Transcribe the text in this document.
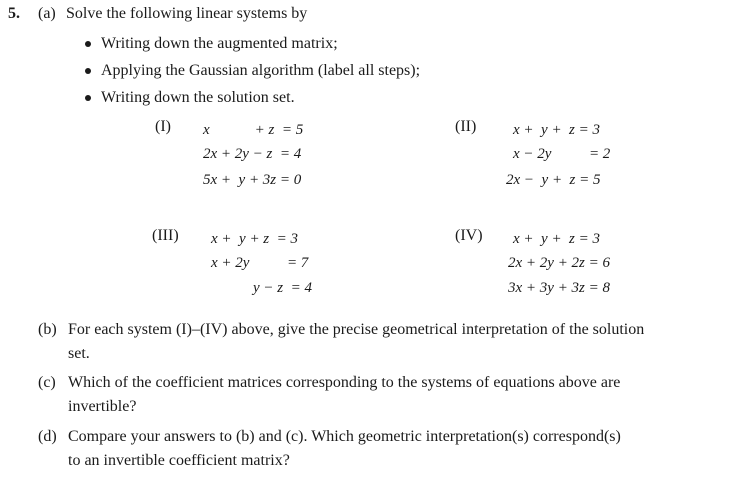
5. (a) Solve the following linear systems by
Writing down the augmented matrix;
Applying the Gaussian algorithm (label all steps);
Writing down the solution set.
(I) x   + z  = 5
2x + 2y − z  = 4
5x +  y + 3z = 0
(II) x +  y +  z = 3
x − 2y    = 2
2x −  y +  z = 5
(III) x +  y + z  = 3
x + 2y    = 7
y − z  = 4
(IV) x +  y +  z = 3
2x + 2y + 2z = 6
3x + 3y + 3z = 8
(b) For each system (I)–(IV) above, give the precise geometrical interpretation of the solution
set.
(c) Which of the coefficient matrices corresponding to the systems of equations above are
invertible?
(d) Compare your answers to (b) and (c). Which geometric interpretation(s) correspond(s)
to an invertible coefficient matrix?
